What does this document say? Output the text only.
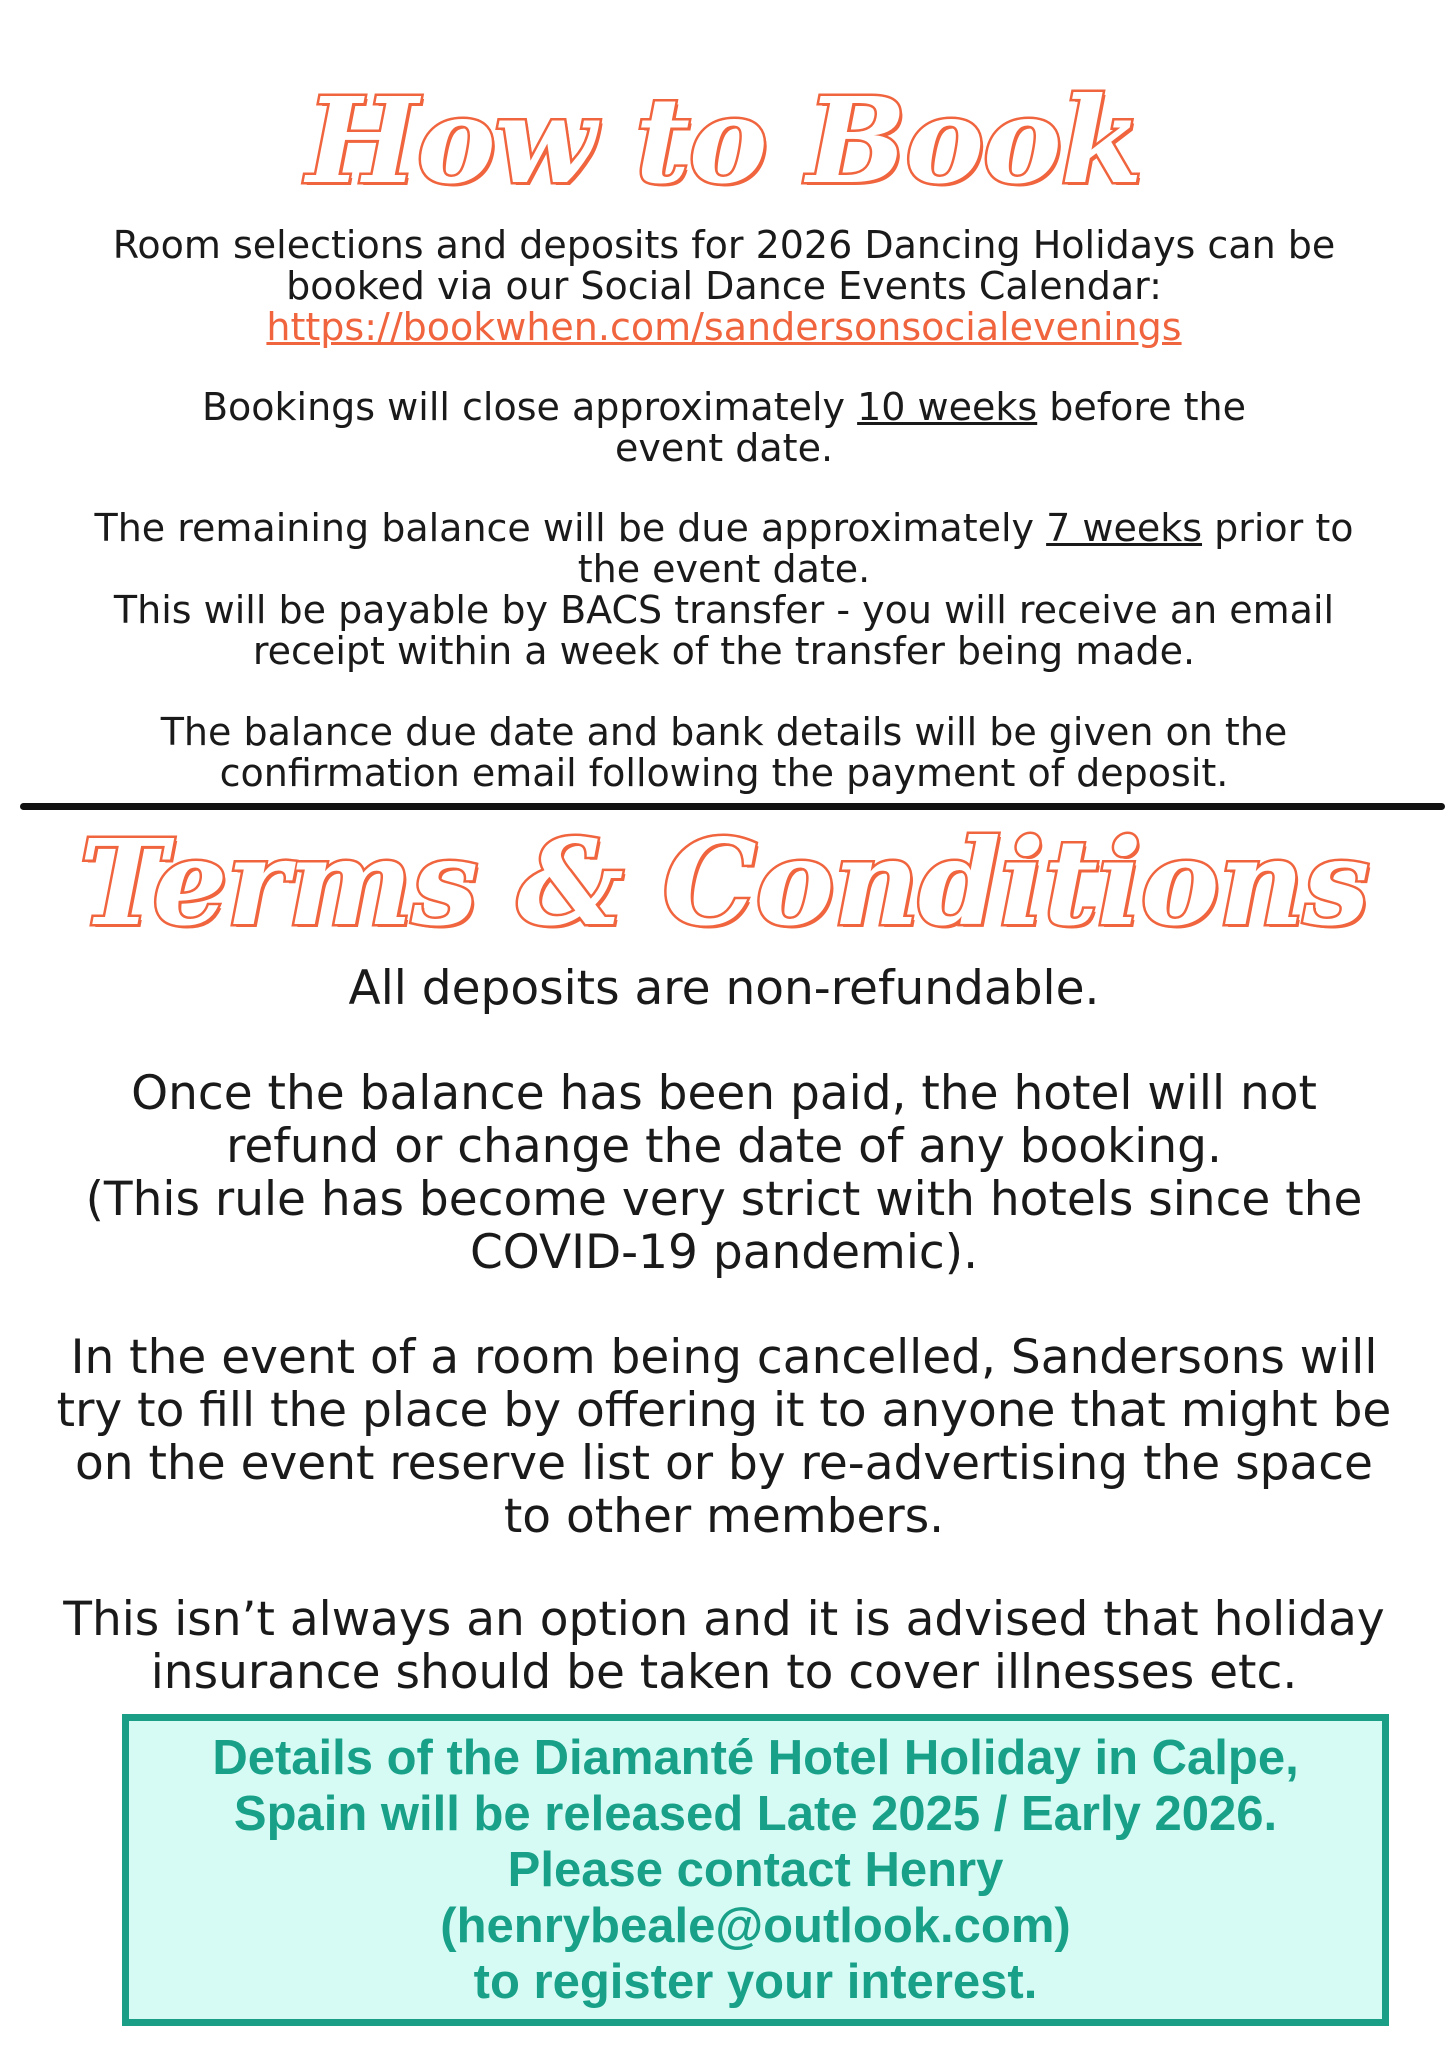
How to Book

Room selections and deposits for 2026 Dancing Holidays can be
booked via our Social Dance Events Calendar:
https://bookwhen.com/sandersonsocialevenings

Bookings will close approximately 10 weeks before the
event date.

The remaining balance will be due approximately 7 weeks prior to
the event date.
This will be payable by BACS transfer - you will receive an email
receipt within a week of the transfer being made.

The balance due date and bank details will be given on the
confirmation email following the payment of deposit.

Terms & Conditions

All deposits are non-refundable.

Once the balance has been paid, the hotel will not
refund or change the date of any booking.
(This rule has become very strict with hotels since the
COVID-19 pandemic).

In the event of a room being cancelled, Sandersons will
try to fill the place by offering it to anyone that might be
on the event reserve list or by re-advertising the space
to other members.

This isn’t always an option and it is advised that holiday
insurance should be taken to cover illnesses etc.

Details of the Diamanté Hotel Holiday in Calpe,
Spain will be released Late 2025 / Early 2026.
Please contact Henry
(henrybeale@outlook.com)
to register your interest.
